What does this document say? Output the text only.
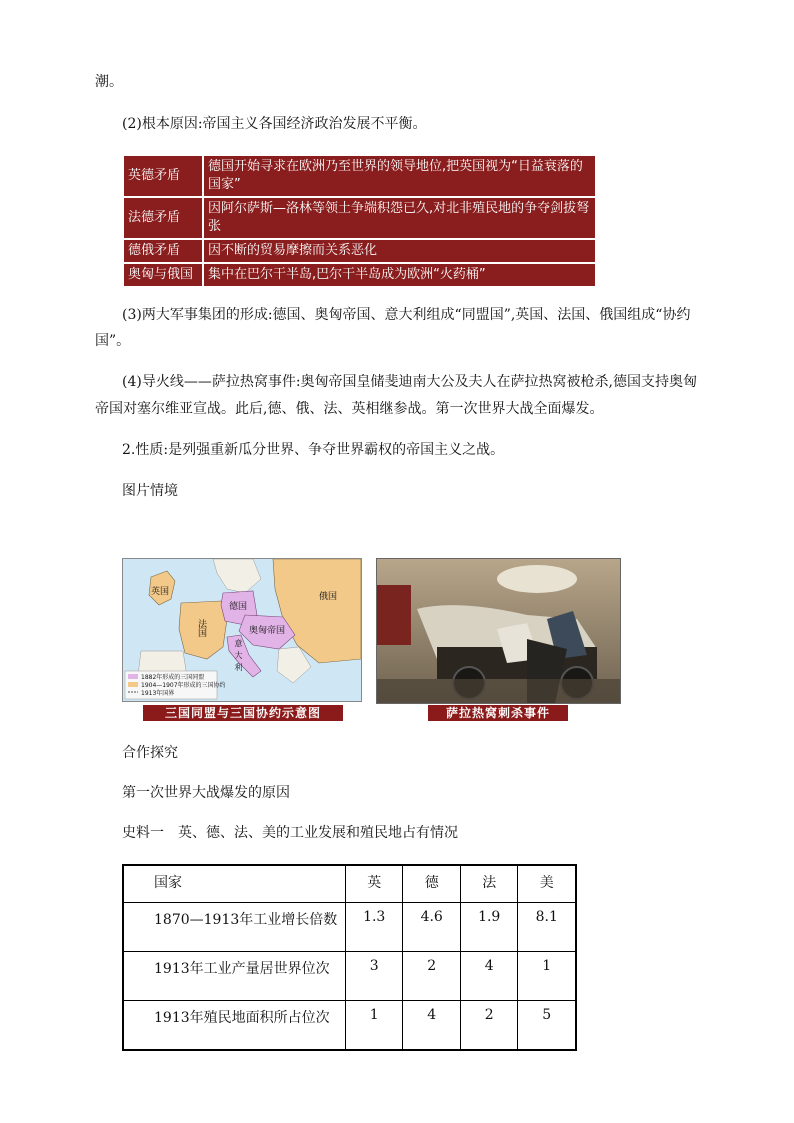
潮。
(2)根本原因:帝国主义各国经济政治发展不平衡。
英德矛盾	德国开始寻求在欧洲乃至世界的领导地位,把英国视为“日益衰落的国家”
法德矛盾	因阿尔萨斯—洛林等领土争端积怨已久,对北非殖民地的争夺剑拔弩张
德俄矛盾	因不断的贸易摩擦而关系恶化
奥匈与俄国	集中在巴尔干半岛,巴尔干半岛成为欧洲“火药桶”
(3)两大军事集团的形成:德国、奥匈帝国、意大利组成“同盟国”,英国、法国、俄国组成“协约
国”。
(4)导火线——萨拉热窝事件:奥匈帝国皇储斐迪南大公及夫人在萨拉热窝被枪杀,德国支持奥匈
帝国对塞尔维亚宣战。此后,德、俄、法、英相继参战。第一次世界大战全面爆发。
2.性质:是列强重新瓜分世界、争夺世界霸权的帝国主义之战。
图片情境
英国
德国
奥匈帝国
法国
俄国
意大利
1882年形成的三国同盟
1904—1907年形成的三国协约
1913年国界
三国同盟与三国协约示意图	萨拉热窝刺杀事件
合作探究
第一次世界大战爆发的原因
史料一　英、德、法、美的工业发展和殖民地占有情况
国家	英	德	法	美
1870—1913年工业增长倍数	1.3	4.6	1.9	8.1
1913年工业产量居世界位次	3	2	4	1
1913年殖民地面积所占位次	1	4	2	5
